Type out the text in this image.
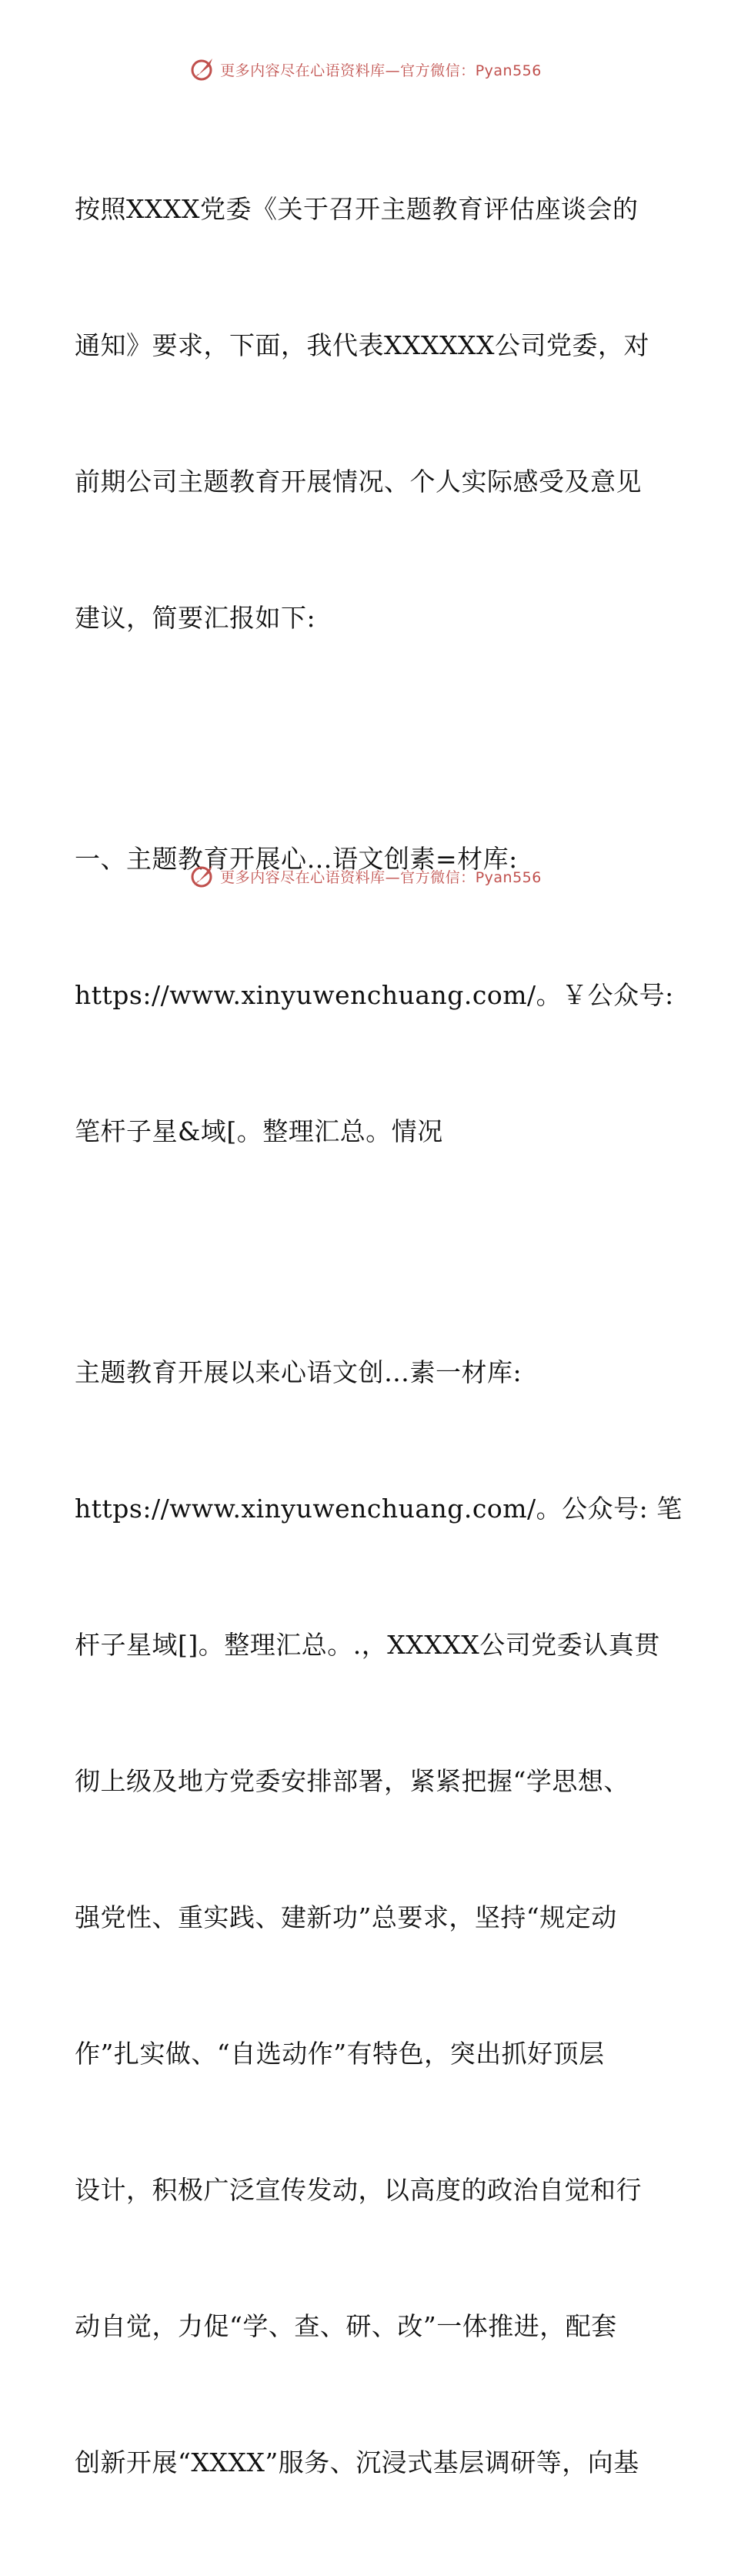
更多内容尽在心语资料库—官方微信：Pyan556

按照XXXX党委《关于召开主题教育评估座谈会的

通知》要求，下面，我代表XXXXXX公司党委，对

前期公司主题教育开展情况、个人实际感受及意见

建议，简要汇报如下:

一、主题教育开展心…语文创素=材库:

https://www.xinyuwenchuang.com/。￥公众号:

笔杆子星&域[。整理汇总。情况

主题教育开展以来心语文创…素一材库:

https://www.xinyuwenchuang.com/。公众号: 笔

杆子星域[]。整理汇总。.，XXXXX公司党委认真贯

彻上级及地方党委安排部署，紧紧把握“学思想、

强党性、重实践、建新功”总要求，坚持“规定动

作”扎实做、“自选动作”有特色，突出抓好顶层

设计，积极广泛宣传发动，以高度的政治自觉和行

动自觉，力促“学、查、研、改”一体推进，配套

创新开展“XXXX”服务、沉浸式基层调研等，向基

更多内容尽在心语资料库—官方微信：Pyan556
